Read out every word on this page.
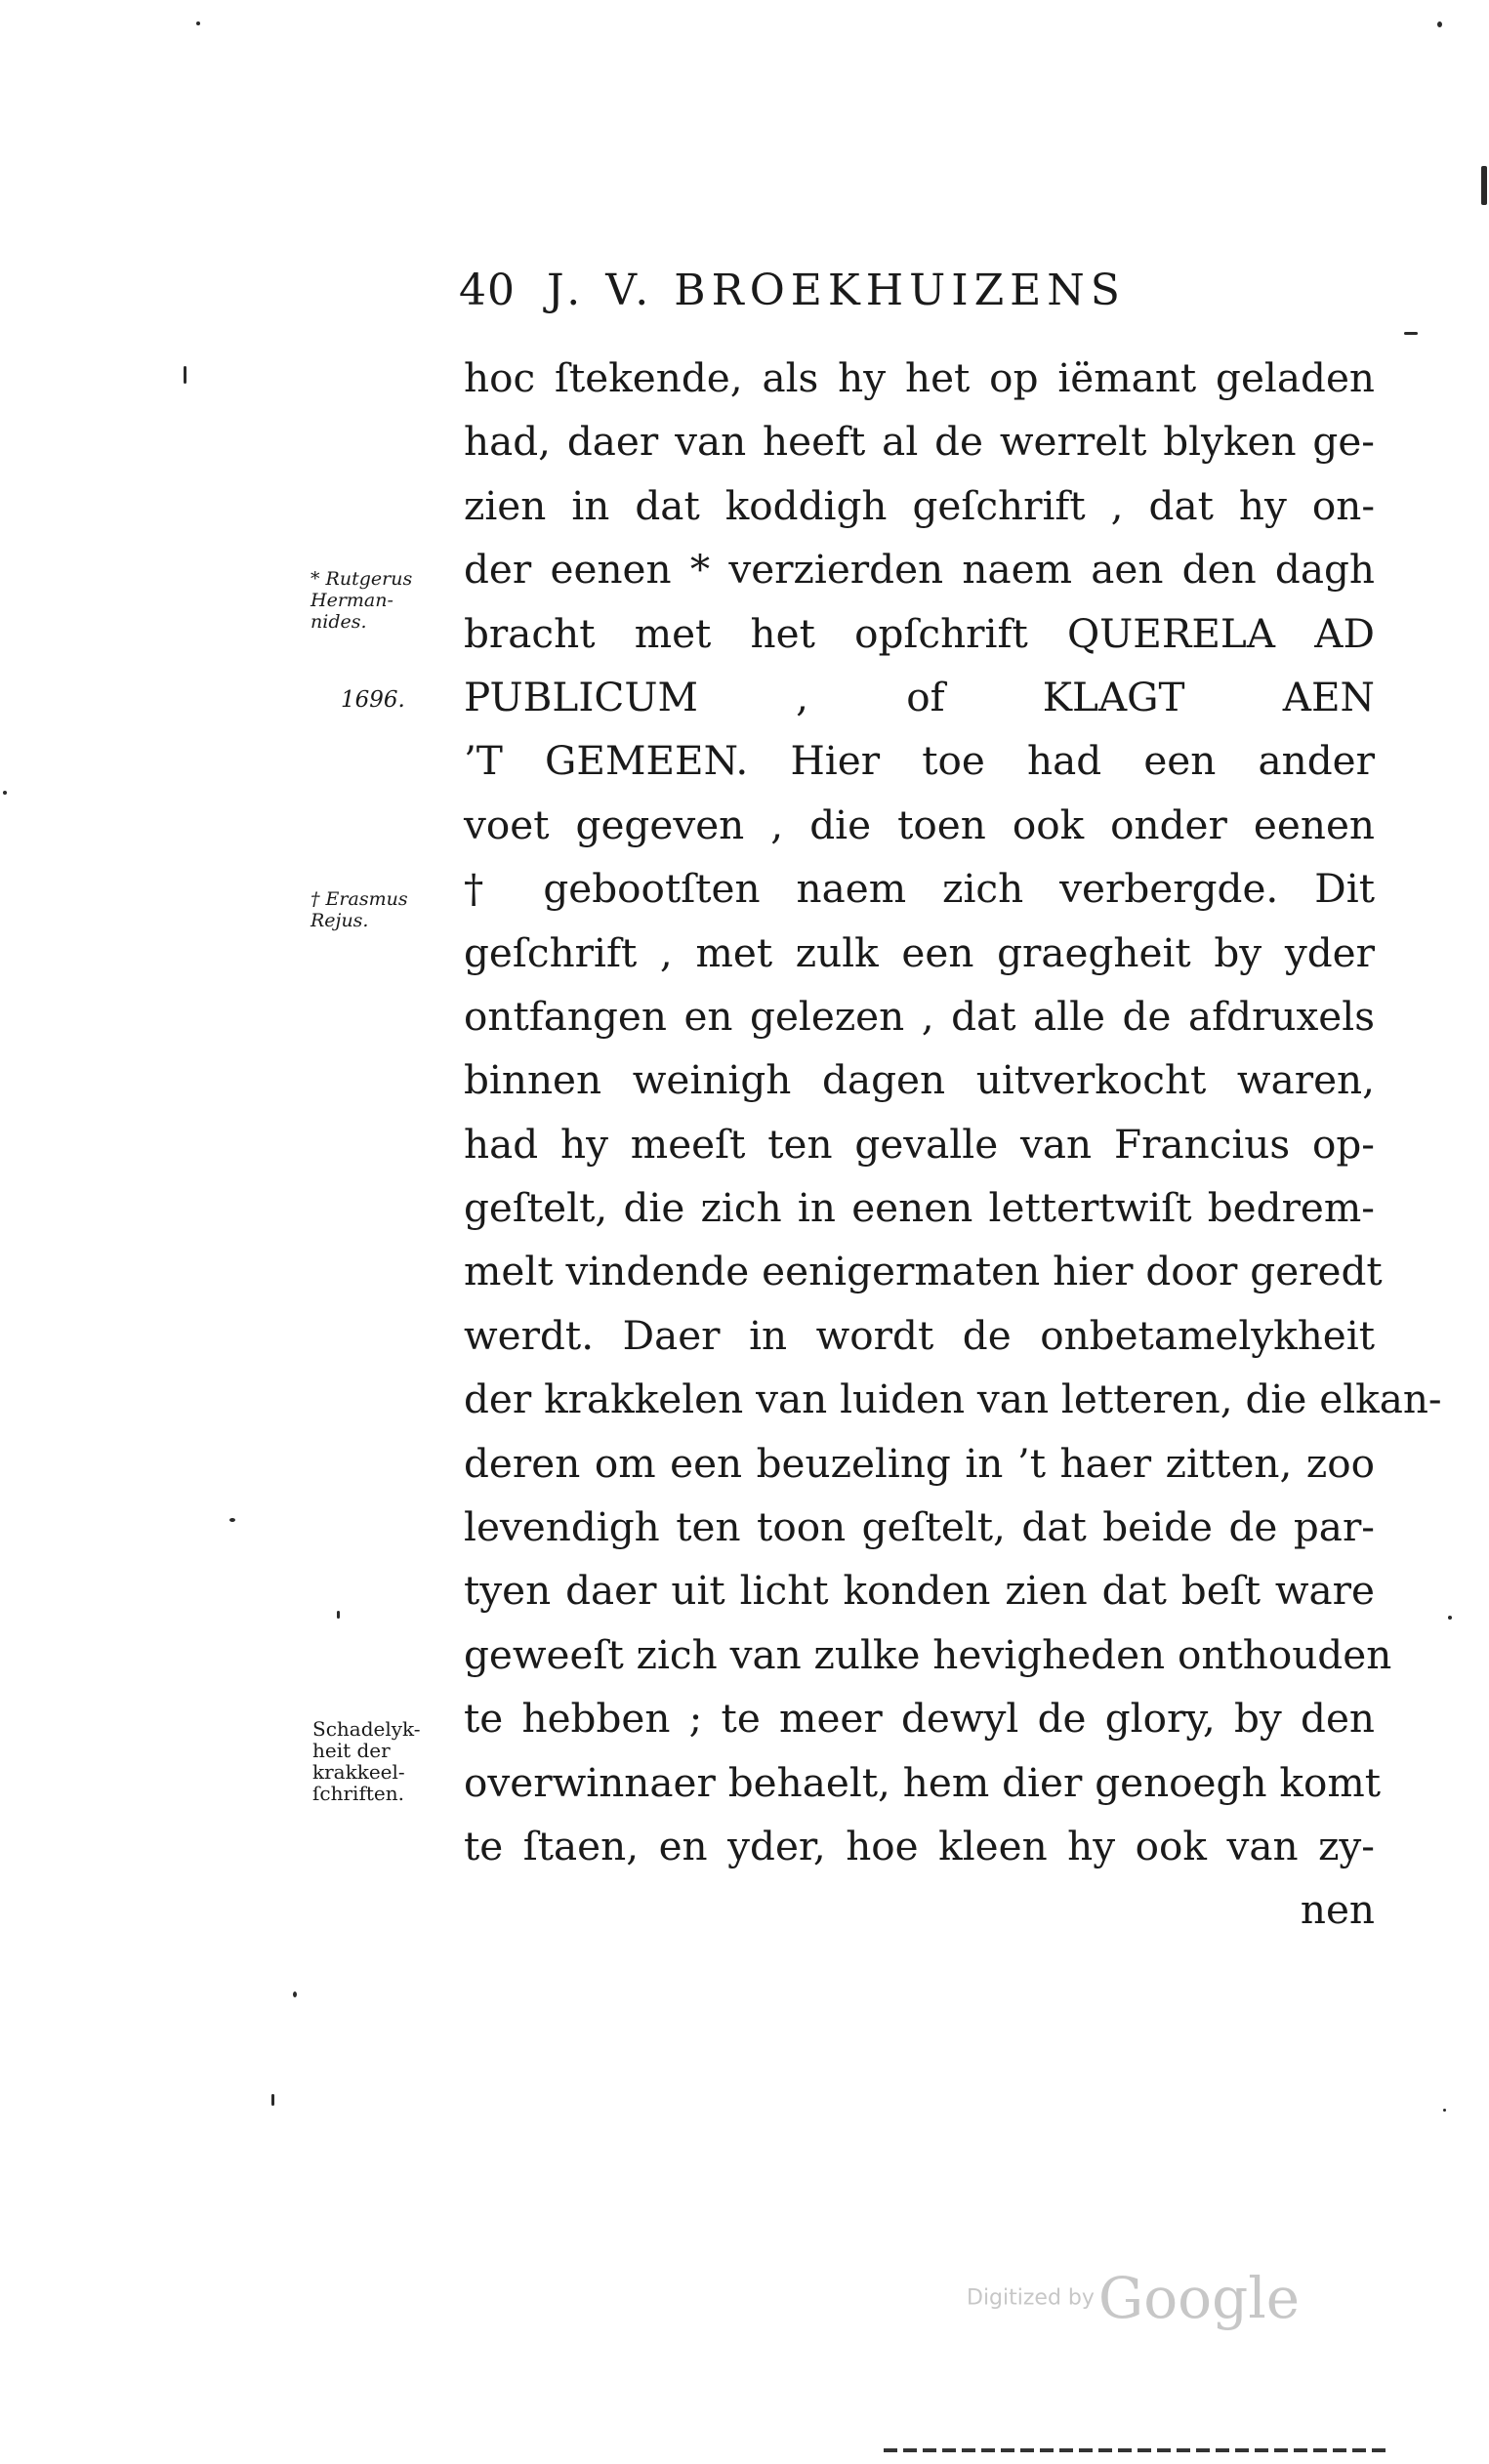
40 J. V. BROEKHUIZENS
hoc ſtekende, als hy het op iëmant geladen
had, daer van heeft al de werrelt blyken ge-
zien in dat koddigh geſchrift , dat hy on-
der eenen * verzierden naem aen den dagh
bracht met het opſchrift QUERELA AD
PUBLICUM , of KLAGT AEN
’T GEMEEN. Hier toe had een ander
voet gegeven , die toen ook onder eenen
† gebootſten naem zich verbergde. Dit
geſchrift , met zulk een graegheit by yder
ontfangen en gelezen , dat alle de afdruxels
binnen weinigh dagen uitverkocht waren,
had hy meeſt ten gevalle van Francius op-
geſtelt, die zich in eenen lettertwiſt bedrem-
melt vindende eenigermaten hier door geredt
werdt. Daer in wordt de onbetamelykheit
der krakkelen van luiden van letteren, die elkan-
deren om een beuzeling in ’t haer zitten, zoo
levendigh ten toon geſtelt, dat beide de par-
tyen daer uit licht konden zien dat beſt ware
geweeſt zich van zulke hevigheden onthouden
te hebben ; te meer dewyl de glory, by den
overwinnaer behaelt, hem dier genoegh komt
te ſtaen, en yder, hoe kleen hy ook van zy-
nen
* Rutgerus
Herman-
nides.
1696.
† Erasmus
Rejus.
Schadelyk-
heit der
krakkeel-
ſchriften.
Digitized byGoogle
